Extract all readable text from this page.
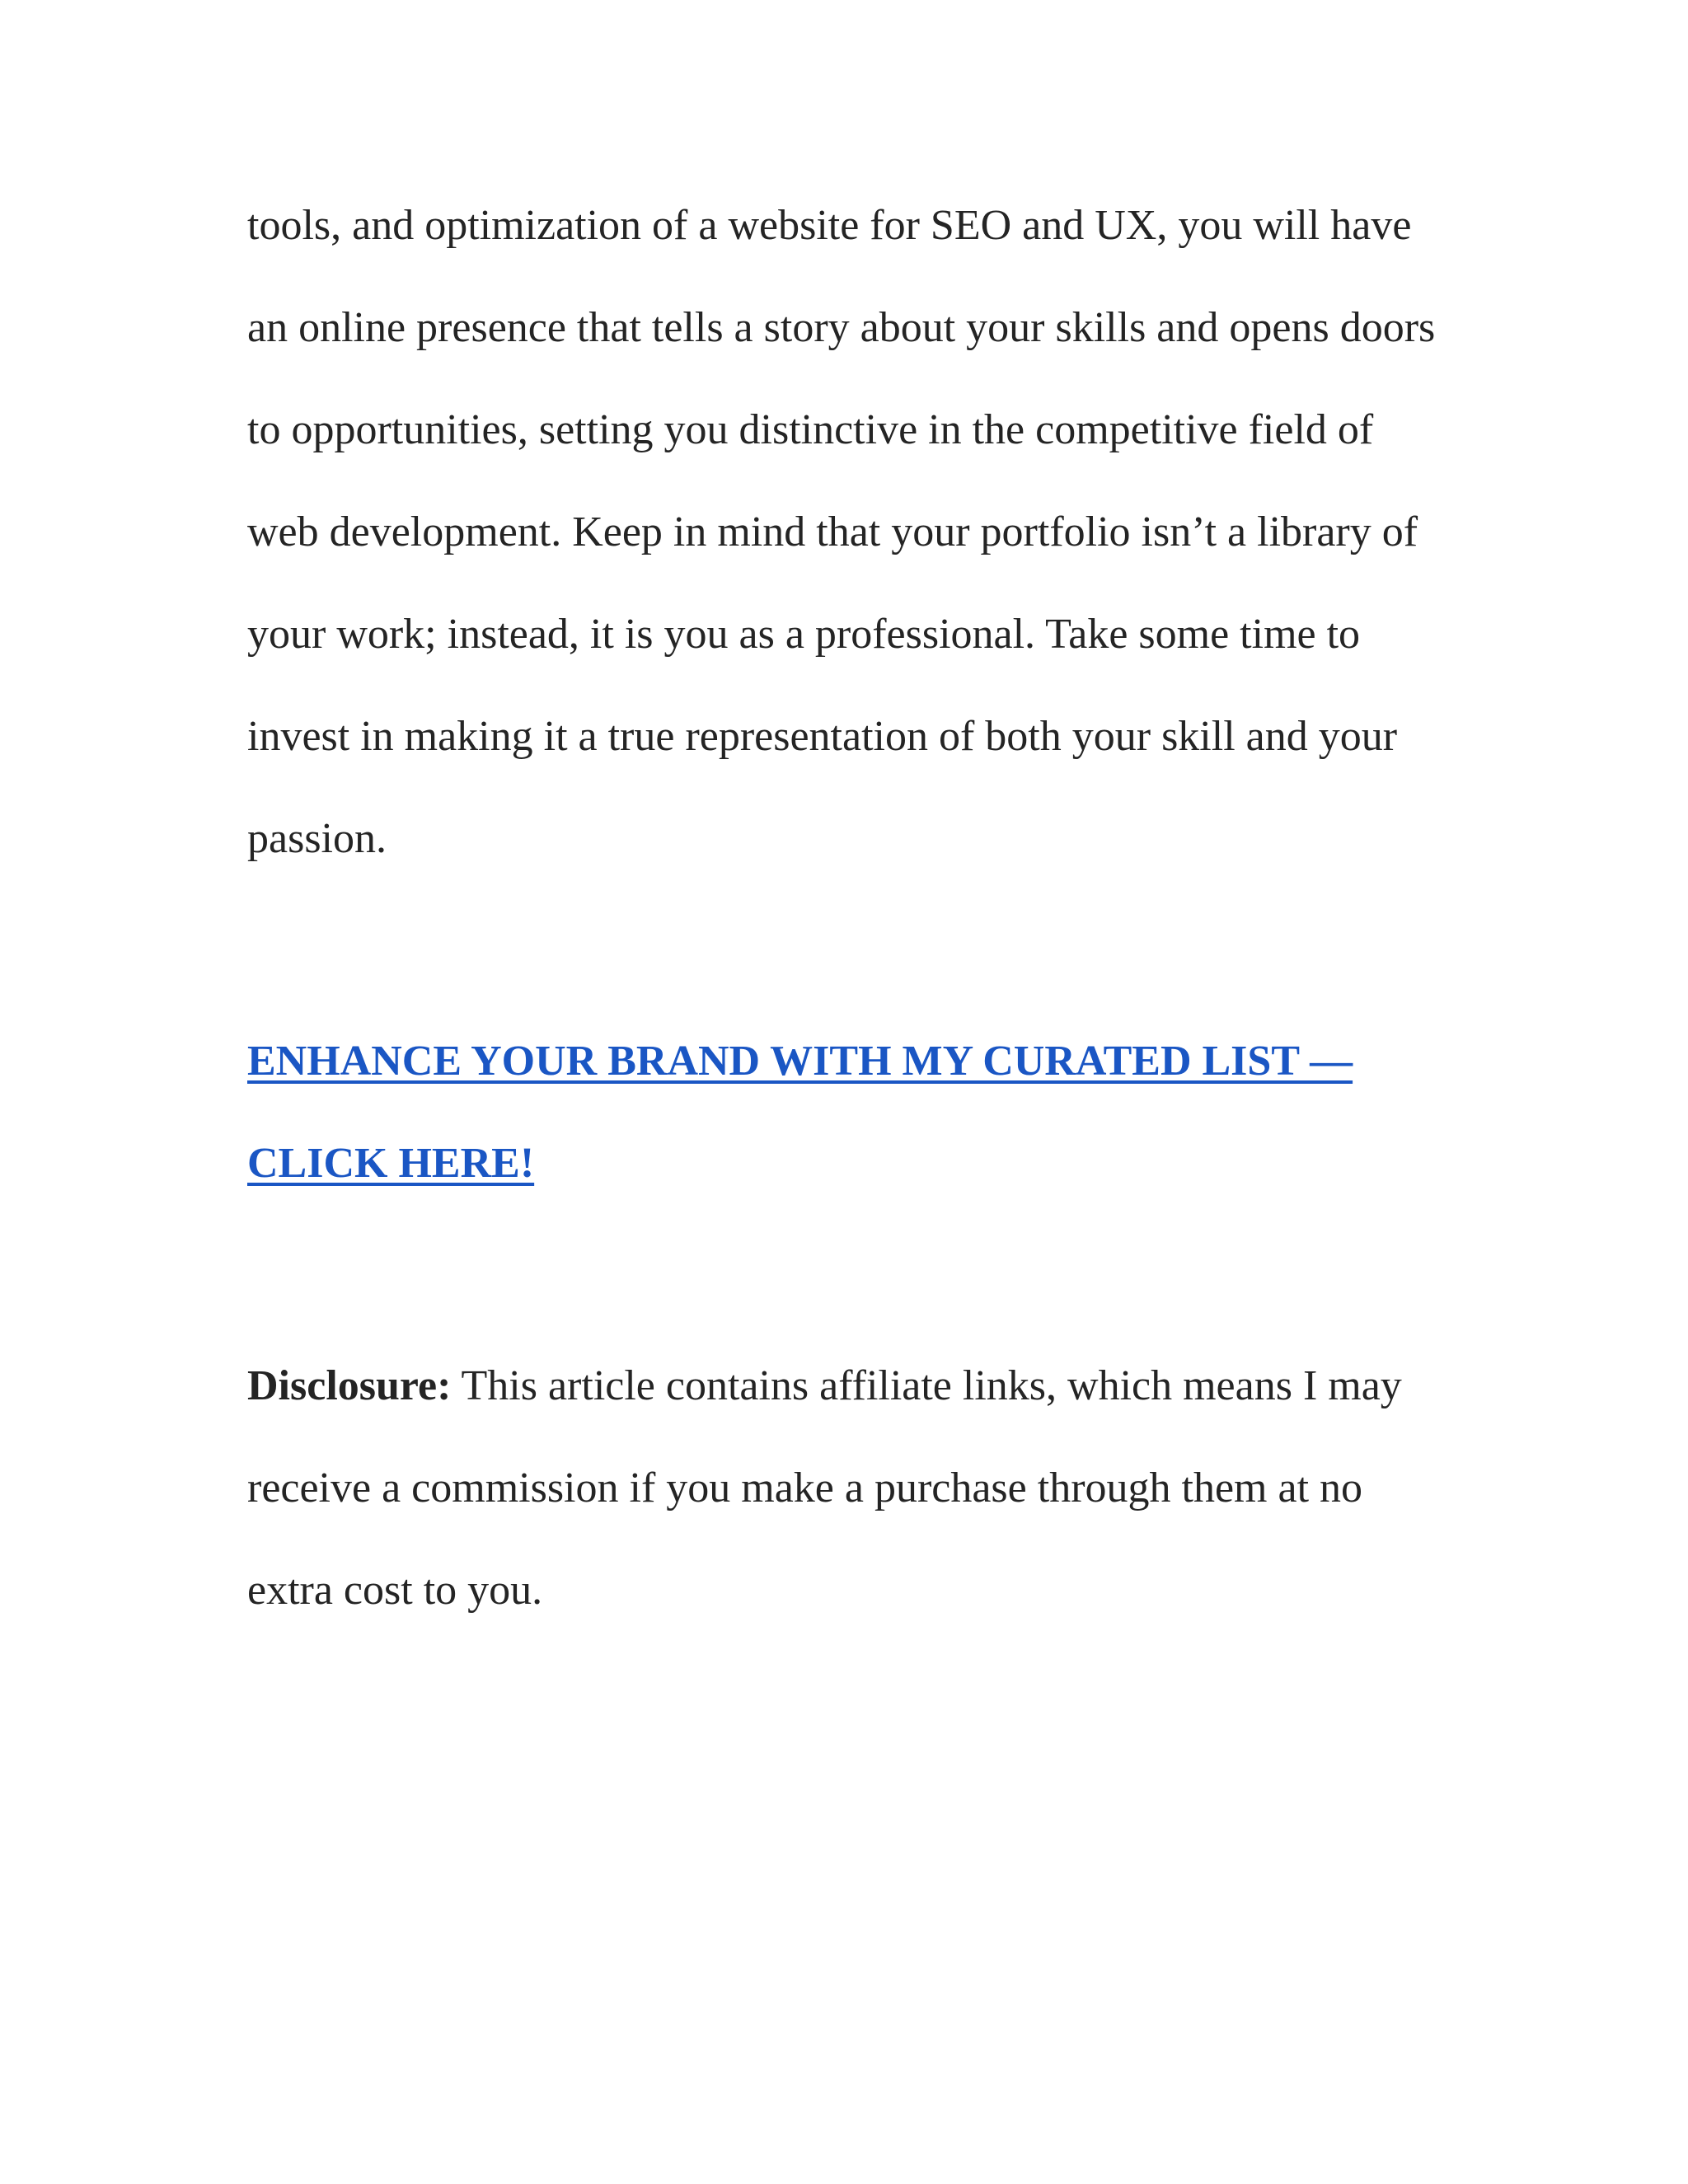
tools, and optimization of a website for SEO and UX, you will have an online presence that tells a story about your skills and opens doors to opportunities, setting you distinctive in the competitive field of web development. Keep in mind that your portfolio isn’t a library of your work; instead, it is you as a professional. Take some time to invest in making it a true representation of both your skill and your passion.

ENHANCE YOUR BRAND WITH MY CURATED LIST — CLICK HERE!

Disclosure: This article contains affiliate links, which means I may receive a commission if you make a purchase through them at no extra cost to you.
